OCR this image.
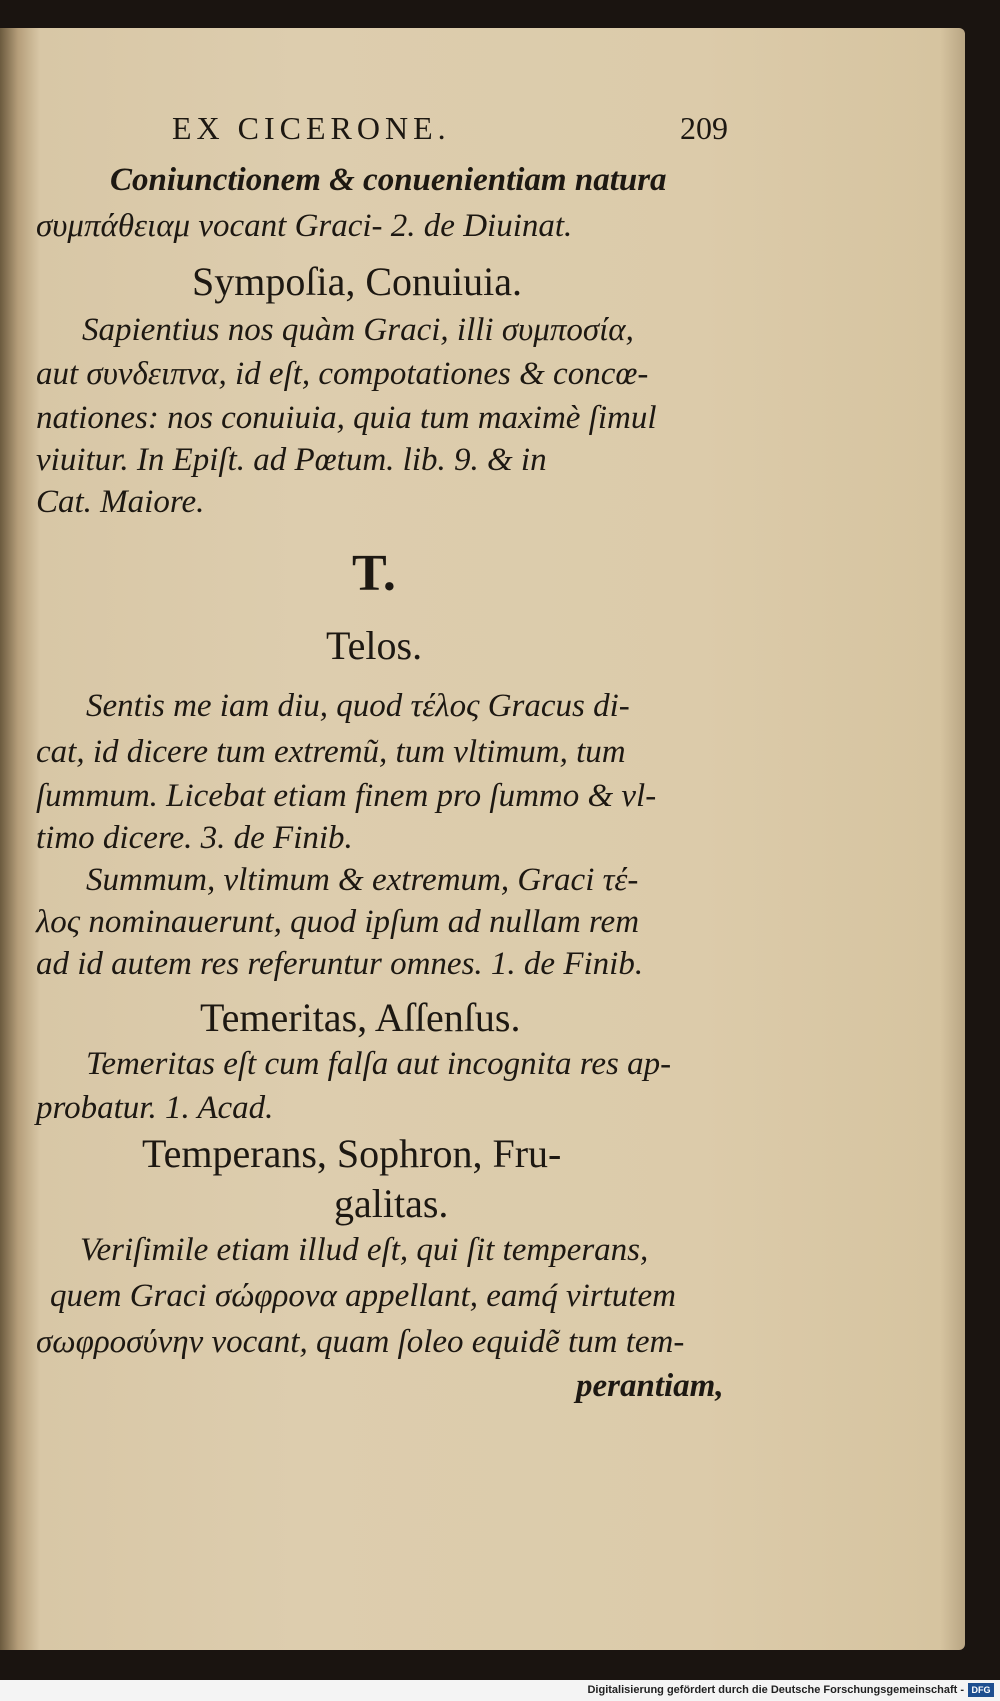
EX CICERONE.	209
Coniunctionem & conuenientiam natura
συμπάθειαμ vocant Graci- 2. de Diuinat.
Sympoſia, Conuiuia.
Sapientius nos quàm Graci, illi συμποσία,
aut συνδειπνα, id eſt, compotationes & concœ-
nationes: nos conuiuia, quia tum maximè ſimul
viuitur. In Epiſt. ad Pœtum. lib. 9. & in
Cat. Maiore.
T.
Telos.
Sentis me iam diu, quod τέλος Gracus di-
cat, id dicere tum extremũ, tum vltimum, tum
ſummum. Licebat etiam finem pro ſummo & vl-
timo dicere. 3. de Finib.
Summum, vltimum & extremum, Graci τέ-
λος nominauerunt, quod ipſum ad nullam rem
ad id autem res referuntur omnes. 1. de Finib.
Temeritas, Aſſenſus.
Temeritas eſt cum falſa aut incognita res ap-
probatur. 1. Acad.
Temperans, Sophron, Fru-
galitas.
Veriſimile etiam illud eſt, qui ſit temperans,
quem Graci σώφρονα appellant, eamq́ virtutem
σωφροσύνην vocant, quam ſoleo equidẽ tum tem-
perantiam,
Digitalisierung gefördert durch die Deutsche Forschungsgemeinschaft - DFG
